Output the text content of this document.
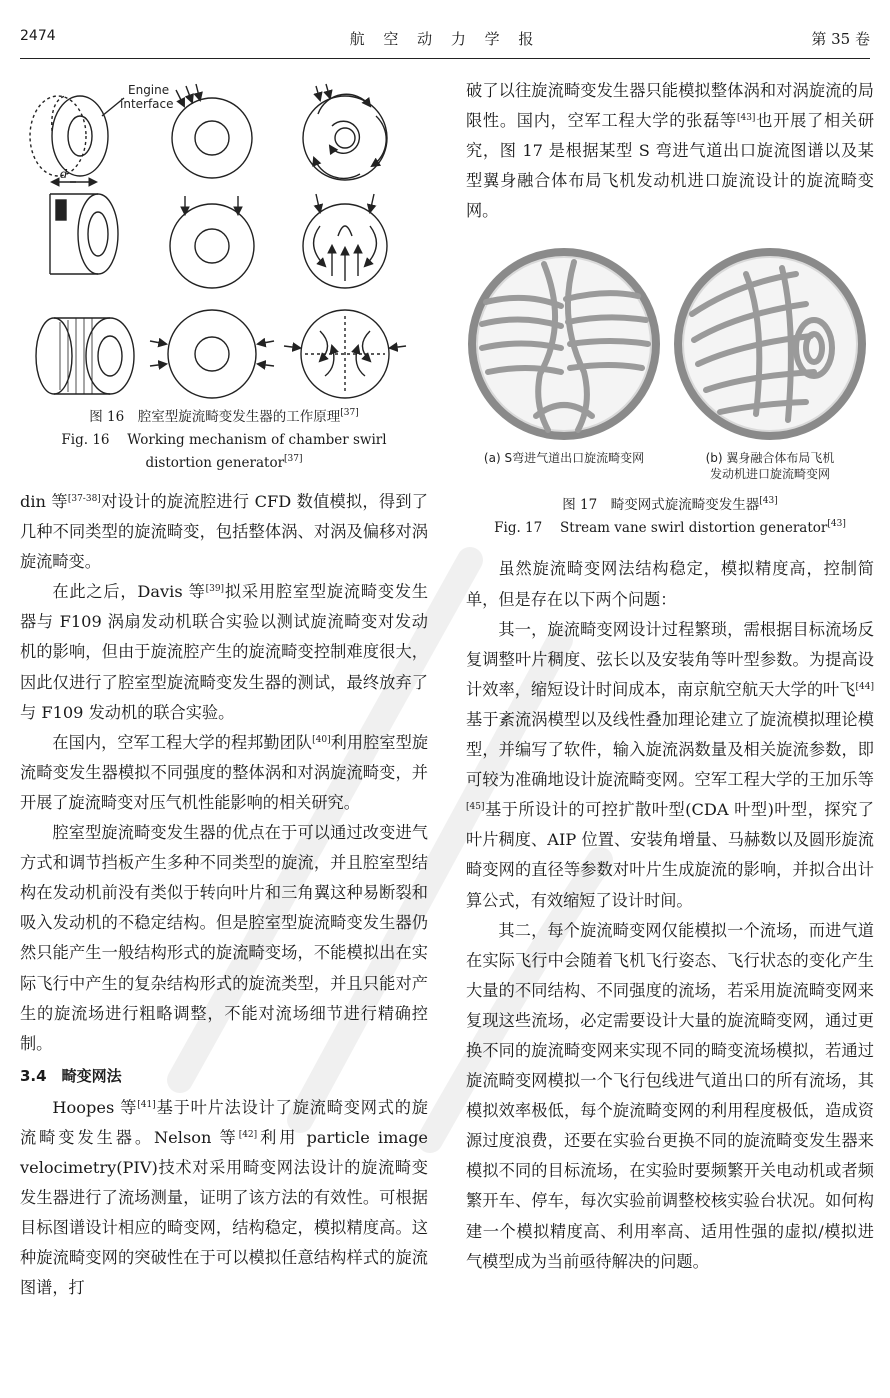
2474	航 空 动 力 学 报	第 35 卷
Engine
interface
d
图 16　腔室型旋流畸变发生器的工作原理[37]
Fig. 16　 Working mechanism of chamber swirl
distortion generator[37]

din 等[37-38]对设计的旋流腔进行 CFD 数值模拟，得到了几种不同类型的旋流畸变，包括整体涡、对涡及偏移对涡旋流畸变。

在此之后，Davis 等[39]拟采用腔室型旋流畸变发生器与 F109 涡扇发动机联合实验以测试旋流畸变对发动机的影响，但由于旋流腔产生的旋流畸变控制难度很大，因此仅进行了腔室型旋流畸变发生器的测试，最终放弃了与 F109 发动机的联合实验。

在国内，空军工程大学的程邦勤团队[40]利用腔室型旋流畸变发生器模拟不同强度的整体涡和对涡旋流畸变，并开展了旋流畸变对压气机性能影响的相关研究。

腔室型旋流畸变发生器的优点在于可以通过改变进气方式和调节挡板产生多种不同类型的旋流，并且腔室型结构在发动机前没有类似于转向叶片和三角翼这种易断裂和吸入发动机的不稳定结构。但是腔室型旋流畸变发生器仍然只能产生一般结构形式的旋流畸变场，不能模拟出在实际飞行中产生的复杂结构形式的旋流类型，并且只能对产生的旋流场进行粗略调整，不能对流场细节进行精确控制。

3.4　畸变网法

Hoopes 等[41]基于叶片法设计了旋流畸变网式的旋流畸变发生器。Nelson 等[42]利用 particle image velocimetry(PIV)技术对采用畸变网法设计的旋流畸变发生器进行了流场测量，证明了该方法的有效性。可根据目标图谱设计相应的畸变网，结构稳定，模拟精度高。这种旋流畸变网的突破性在于可以模拟任意结构样式的旋流图谱，打

破了以往旋流畸变发生器只能模拟整体涡和对涡旋流的局限性。国内，空军工程大学的张磊等[43]也开展了相关研究，图 17 是根据某型 S 弯进气道出口旋流图谱以及某型翼身融合体布局飞机发动机进口旋流设计的旋流畸变网。

(a) S弯进气道出口旋流畸变网	(b) 翼身融合体布局飞机
发动机进口旋流畸变网
图 17　畸变网式旋流畸变发生器[43]
Fig. 17　 Stream vane swirl distortion generator[43]

虽然旋流畸变网法结构稳定，模拟精度高，控制简单，但是存在以下两个问题：

其一，旋流畸变网设计过程繁琐，需根据目标流场反复调整叶片稠度、弦长以及安装角等叶型参数。为提高设计效率，缩短设计时间成本，南京航空航天大学的叶飞[44]基于紊流涡模型以及线性叠加理论建立了旋流模拟理论模型，并编写了软件，输入旋流涡数量及相关旋流参数，即可较为准确地设计旋流畸变网。空军工程大学的王加乐等[45]基于所设计的可控扩散叶型(CDA 叶型)叶型，探究了叶片稠度、AIP 位置、安装角增量、马赫数以及圆形旋流畸变网的直径等参数对叶片生成旋流的影响，并拟合出计算公式，有效缩短了设计时间。

其二，每个旋流畸变网仅能模拟一个流场，而进气道在实际飞行中会随着飞机飞行姿态、飞行状态的变化产生大量的不同结构、不同强度的流场，若采用旋流畸变网来复现这些流场，必定需要设计大量的旋流畸变网，通过更换不同的旋流畸变网来实现不同的畸变流场模拟，若通过旋流畸变网模拟一个飞行包线进气道出口的所有流场，其模拟效率极低，每个旋流畸变网的利用程度极低，造成资源过度浪费，还要在实验台更换不同的旋流畸变发生器来模拟不同的目标流场，在实验时要频繁开关电动机或者频繁开车、停车，每次实验前调整校核实验台状况。如何构建一个模拟精度高、利用率高、适用性强的虚拟/模拟进气模型成为当前亟待解决的问题。
